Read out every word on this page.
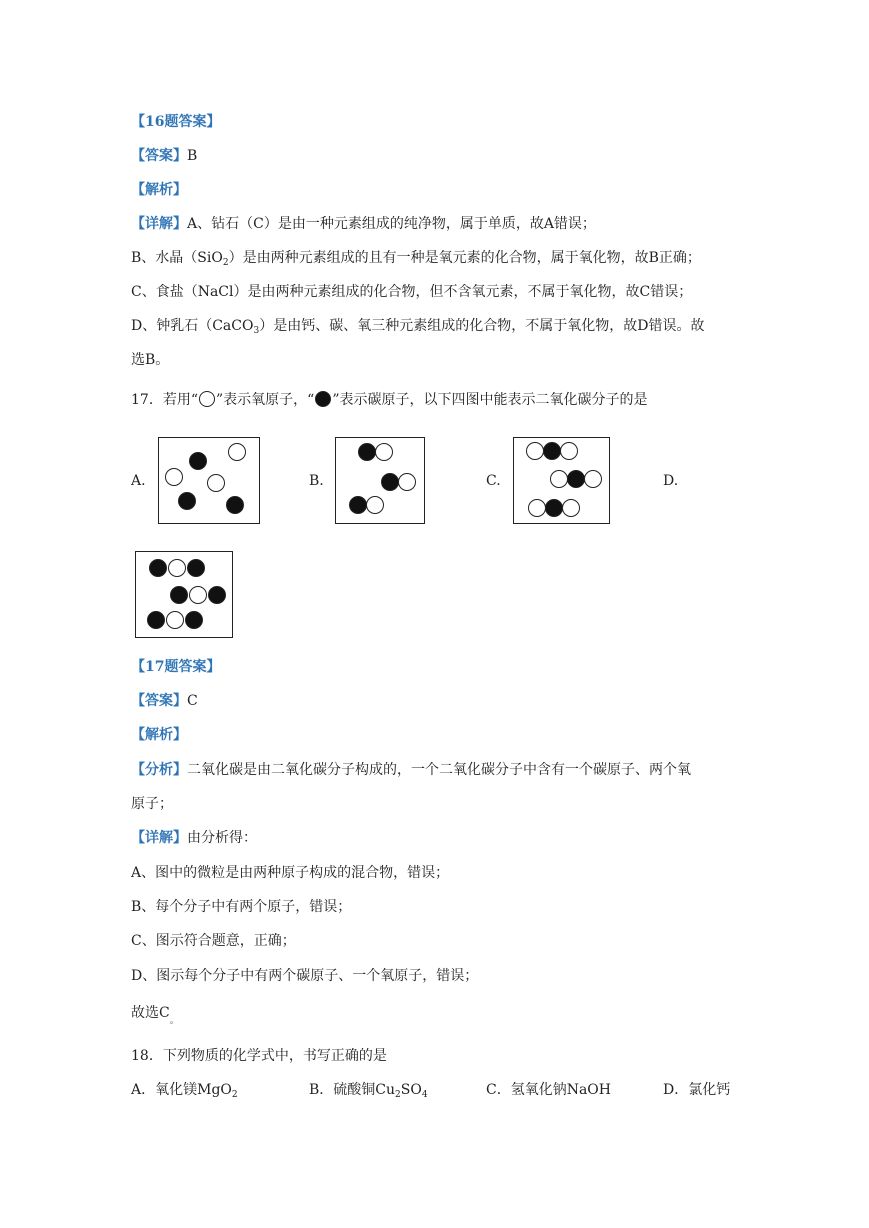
【16题答案】
【答案】B
【解析】
【详解】A、钻石（C）是由一种元素组成的纯净物，属于单质，故A错误；
B、水晶（SiO$_2$）是由两种元素组成的且有一种是氧元素的化合物，属于氧化物，故B正确；
C、食盐（NaCl）是由两种元素组成的化合物，但不含氧元素，不属于氧化物，故C错误；
D、钟乳石（CaCO$_3$）是由钙、碳、氧三种元素组成的化合物，不属于氧化物，故D错误。故
选B。
17．若用“ ”表示氧原子，“ ”表示碳原子，以下四图中能表示二氧化碳分子的是
A.	B.	C.	D.
【17题答案】
【答案】C
【解析】
【分析】二氧化碳是由二氧化碳分子构成的，一个二氧化碳分子中含有一个碳原子、两个氧
原子；
【详解】由分析得：
A、图中的微粒是由两种原子构成的混合物，错误；
B、每个分子中有两个原子，错误；
C、图示符合题意，正确；
D、图示每个分子中有两个碳原子、一个氧原子，错误；
故选$C_。$
18．下列物质的化学式中，书写正确的是
A．氧化镁MgO$_2$	B．硫酸铜$Cu_2SO_4$	C．氢氧化钠NaOH	D．氯化钙
